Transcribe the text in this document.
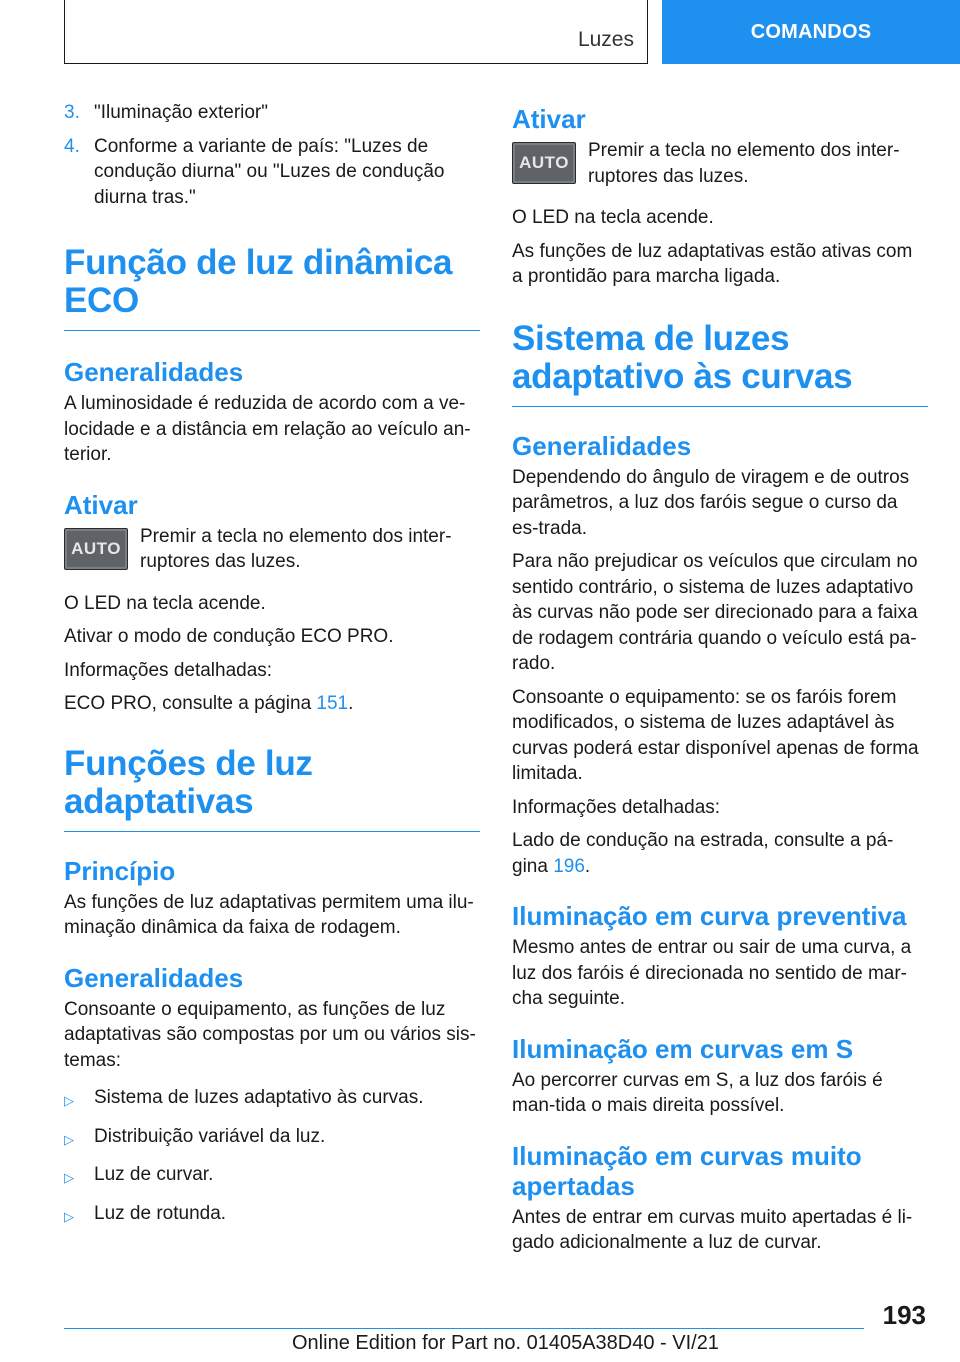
Luzes	COMANDOS
3. "Iluminação exterior"
4. Conforme a variante de país: "Luzes de condução diurna" ou "Luzes de condução diurna tras."
Função de luz dinâmica ECO
Generalidades

A luminosidade é reduzida de acordo com a ve-locidade e a distância em relação ao veículo an-terior.

Ativar
AUTO

Premir a tecla no elemento dos inter-ruptores das luzes.

O LED na tecla acende.

Ativar o modo de condução ECO PRO.

Informações detalhadas:

ECO PRO, consulte a página 151.

Funções de luz adaptativas
Princípio

As funções de luz adaptativas permitem uma ilu-minação dinâmica da faixa de rodagem.

Generalidades

Consoante o equipamento, as funções de luz adaptativas são compostas por um ou vários sis-temas:

▷	Sistema de luzes adaptativo às curvas.
▷	Distribuição variável da luz.
▷	Luz de curvar.
▷	Luz de rotunda.
Ativar
AUTO

Premir a tecla no elemento dos inter-ruptores das luzes.

O LED na tecla acende.

As funções de luz adaptativas estão ativas com a prontidão para marcha ligada.

Sistema de luzes adaptativo às curvas
Generalidades

Dependendo do ângulo de viragem e de outros parâmetros, a luz dos faróis segue o curso da es-trada.

Para não prejudicar os veículos que circulam no sentido contrário, o sistema de luzes adaptativo às curvas não pode ser direcionado para a faixa de rodagem contrária quando o veículo está pa-rado.

Consoante o equipamento: se os faróis forem modificados, o sistema de luzes adaptável às curvas poderá estar disponível apenas de forma limitada.

Informações detalhadas:

Lado de condução na estrada, consulte a pá-gina 196.

Iluminação em curva preventiva

Mesmo antes de entrar ou sair de uma curva, a luz dos faróis é direcionada no sentido de mar-cha seguinte.

Iluminação em curvas em S

Ao percorrer curvas em S, a luz dos faróis é man-tida o mais direita possível.

Iluminação em curvas muito apertadas

Antes de entrar em curvas muito apertadas é li-gado adicionalmente a luz de curvar.

193
Online Edition for Part no. 01405A38D40 - VI/21
